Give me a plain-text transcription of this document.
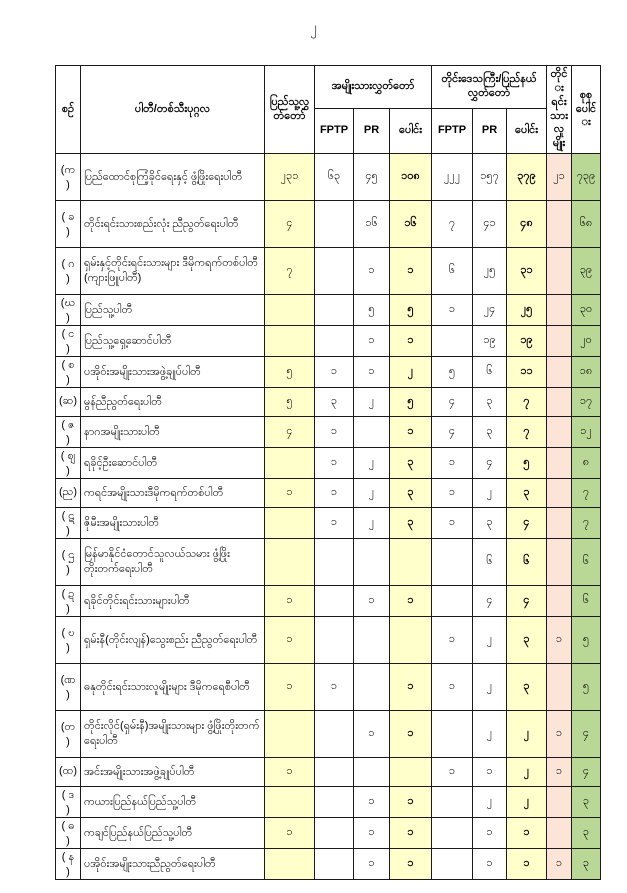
၂
စဉ်	ပါတီ/တစ်သီးပုဂ္ဂလ	ပြည်သူ့လွှတ်တော်	အမျိုးသားလွှတ်တော်			တိုင်းဒေသကြီး/ပြည်နယ်လွှတ်တော်			တိုင်းရင်းသားလူမျိုး	စုစုပေါင်း
			FPTP	PR	ပေါင်း	FPTP	PR	ပေါင်း		
(က)	ပြည်ထောင်စုကြံ့ခိုင်ရေးနှင့် ဖွံ့ဖြိုးရေးပါတီ	၂၃၁	၆၃	၄၅	၁၀၈	၂၂၂	၁၅၇	၃၇၉	၂၁	၇၃၉
( ခ )	တိုင်းရင်းသားစည်းလုံး ညီညွတ်ရေးပါတီ	၄		၁၆	၁၆	၇	၄၁	၄၈		၆၈
( ဂ )	ရှမ်းနှင့်တိုင်းရင်းသားများ ဒီမိုကရက်တစ်ပါတီ (ကျားဖြူပါတီ)	၇		၁	၁	၆	၂၅	၃၁		၃၉
(ဃ)	ပြည်သူ့ပါတီ			၅	၅	၁	၂၄	၂၅		၃၀
( င )	ပြည်သူ့ရှေ့ဆောင်ပါတီ			၁	၁		၁၉	၁၉		၂၀
( စ )	ပအိုဝ်းအမျိုးသားအဖွဲ့ချုပ်ပါတီ	၅	၁	၁	၂	၅	၆	၁၁		၁၈
(ဆ)	မွန်ညီညွတ်ရေးပါတီ	၅	၃	၂	၅	၄	၃	၇		၁၇
( ဇ )	နာဂအမျိုးသားပါတီ	၄	၁		၁	၄	၃	၇		၁၂
( ဈ )	ရခိုင့်ဦးဆောင်ပါတီ		၁	၂	၃	၁	၄	၅		၈
(ည)	ကရင်အမျိုးသားဒီမိုကရက်တစ်ပါတီ	၁	၁	၂	၃	၁	၂	၃		၇
( ဋ )	ဇိုမီးအမျိုးသားပါတီ		၁	၂	၃	၁	၃	၄		၇
( ဌ )	မြန်မာနိုင်ငံတောင်သူလယ်သမား ဖွံ့ဖြိုးတိုးတက်ရေးပါတီ						၆	၆		၆
( ဍ )	ရခိုင်တိုင်းရင်းသားများပါတီ	၁		၁	၁		၄	၄		၆
( ဎ )	ရှမ်းနီ(တိုင်းလျန်)သွေးစည်း ညီညွတ်ရေးပါတီ	၁				၁	၂	၃	၁	၅
(ဏ)	ဓနုတိုင်းရင်းသားလူမျိုးများ ဒီမိုကရေစီပါတီ	၁	၁		၁	၁	၂	၃		၅
(တ)	တိုင်းလိုင်(ရှမ်းနီ)အမျိုးသားများ ဖွံ့ဖြိုးတိုးတက်ရေးပါတီ			၁	၁		၂	၂	၁	၄
(ထ)	အင်းအမျိုးသားအဖွဲ့ချုပ်ပါတီ	၁				၁	၁	၂	၁	၄
( ဒ )	ကယားပြည်နယ်ပြည်သူ့ပါတီ			၁	၁		၂	၂		၃
( ဓ )	ကချင်ပြည်နယ်ပြည်သူ့ပါတီ	၁		၁	၁		၁	၁		၃
( န )	ပအိုဝ်းအမျိုးသားညီညွတ်ရေးပါတီ			၁	၁		၁	၁	၁	၃
